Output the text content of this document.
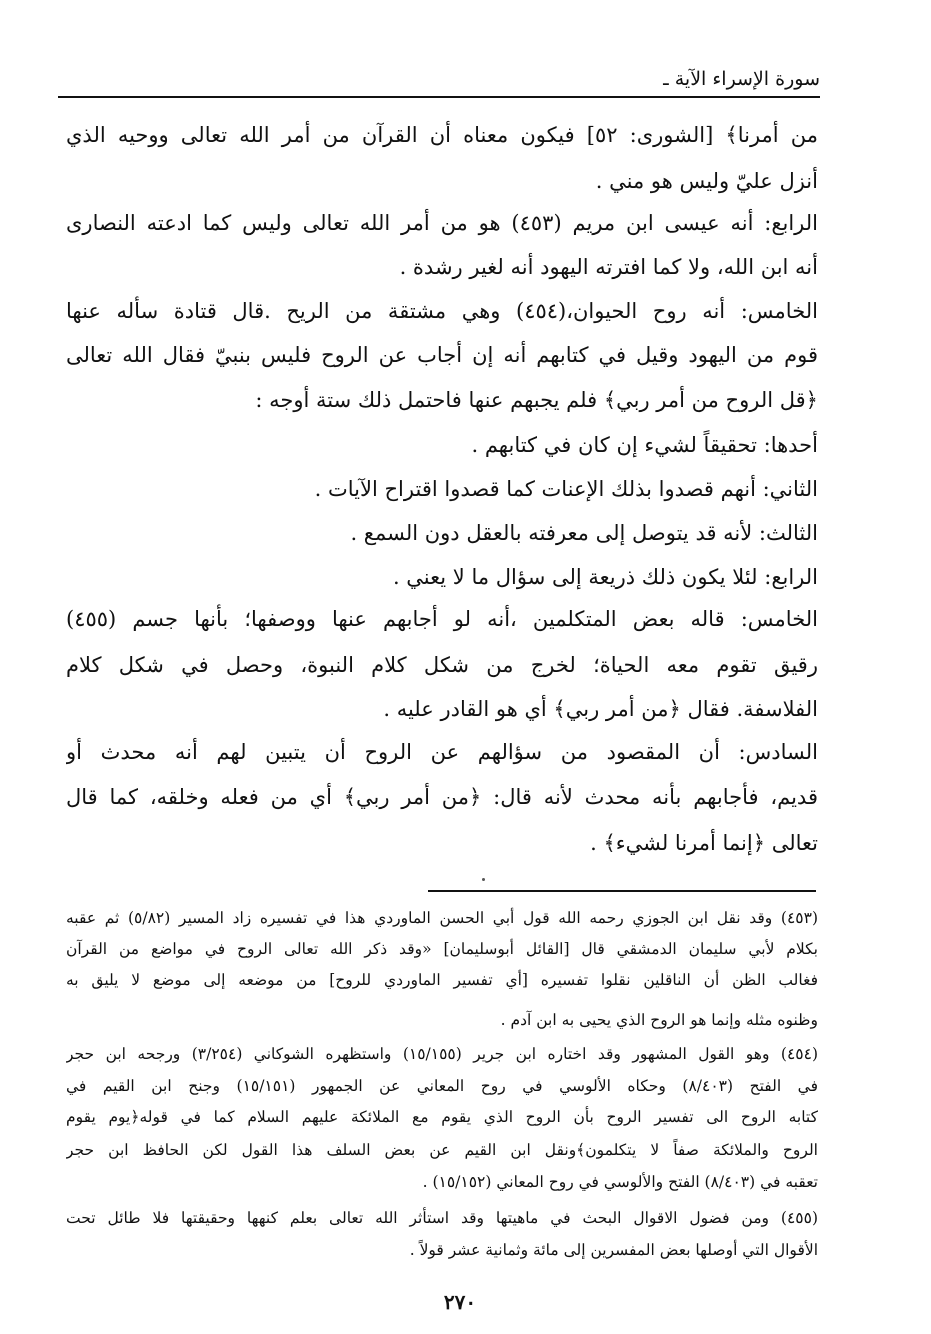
سورة الإسراء الآية ـ
من أمرنا﴾ [الشورى: ٥٢] فيكون معناه أن القرآن من أمر الله تعالى ووحيه الذي
أنزل عليّ وليس هو مني .
الرابع: أنه عيسى ابن مريم (٤٥٣) هو من أمر الله تعالى وليس كما ادعته النصارى
أنه ابن الله، ولا كما افترته اليهود أنه لغير رشدة .
الخامس: أنه روح الحيوان،(٤٥٤) وهي مشتقة من الريح .قال قتادة سأله عنها
قوم من اليهود وقيل في كتابهم أنه إن أجاب عن الروح فليس بنبيّ فقال الله تعالى
﴿قل الروح من أمر ربي﴾ فلم يجبهم عنها فاحتمل ذلك ستة أوجه :
أحدها: تحقيقاً لشيء إن كان في كتابهم .
الثاني: أنهم قصدوا بذلك الإعنات كما قصدوا اقتراح الآيات .
الثالث: لأنه قد يتوصل إلى معرفته بالعقل دون السمع .
الرابع: لئلا يكون ذلك ذريعة إلى سؤال ما لا يعني .
الخامس: قاله بعض المتكلمين ،أنه لو أجابهم عنها ووصفها؛ بأنها جسم (٤٥٥)
رقيق تقوم معه الحياة؛ لخرج من شكل كلام النبوة، وحصل في شكل كلام
الفلاسفة. فقال ﴿من أمر ربي﴾ أي هو القادر عليه .
السادس: أن المقصود من سؤالهم عن الروح أن يتبين لهم أنه محدث أو
قديم، فأجابهم بأنه محدث لأنه قال: ﴿من أمر ربي﴾ أي من فعله وخلقه، كما قال
تعالى ﴿إنما أمرنا لشيء﴾ .
(٤٥٣) وقد نقل ابن الجوزي رحمه الله قول أبي الحسن الماوردي هذا في تفسيره زاد المسير (٥/٨٢) ثم عقبه
بكلام لأبي سليمان الدمشقي قال [القائل أبوسليمان] «وقد ذكر الله تعالى الروح في مواضع من القرآن
فغالب الظن أن الناقلين نقلوا تفسيره [أي تفسير الماوردي للروح] من موضعه إلى موضع لا يليق به
وظنوه مثله وإنما هو الروح الذي يحيى به ابن آدم .
(٤٥٤) وهو القول المشهور وقد اختاره ابن جرير (١٥/١٥٥) واستظهره الشوكاني (٣/٢٥٤) ورجحه ابن حجر
في الفتح (٨/٤٠٣) وحكاه الألوسي في روح المعاني عن الجمهور (١٥/١٥١) وجنح ابن القيم في
كتابه الروح الى تفسير الروح بأن الروح الذي يقوم مع الملائكة عليهم السلام كما في قوله﴿يوم يقوم
الروح والملائكة صفاً لا يتكلمون﴾ونقل ابن القيم عن بعض السلف هذا القول لكن الحافظ ابن حجر
تعقبه في (٨/٤٠٣) الفتح والألوسي في روح المعاني (١٥/١٥٢) .
(٤٥٥) ومن فضول الاقوال البحث في ماهيتها وقد استأثر الله تعالى بعلم كنهها وحقيقتها فلا طائل تحت
الأقوال التي أوصلها بعض المفسرين إلى مائة وثمانية عشر قولاً .
٢٧٠
